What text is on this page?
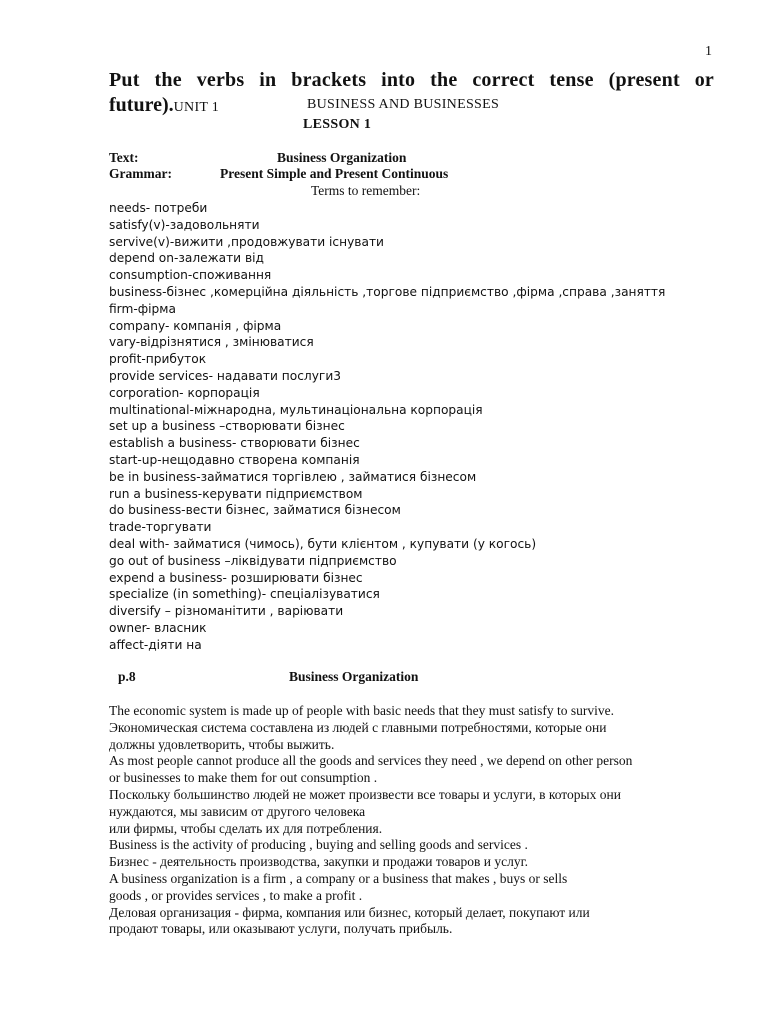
1
Put the verbs in brackets into the correct tense (present or
future).UNIT 1	BUSINESS AND BUSINESSES
LESSON 1
Text:	Business Organization
Grammar:	Present Simple and Present Continuous
Terms to remember:
needs- потреби
satisfy(v)-задовольняти
servive(v)-вижити ,продовжувати існувати
depend on-залежати від
consumption-споживання
business-бізнес ,комерційна діяльність ,торгове підприємство ,фірма ,справа ,заняття
firm-фірма
company- компанія , фірма
vary-відрізнятися , змінюватися
profit-прибуток
provide services- надавати послуги3
corporation- корпорація
multinational-міжнародна, мультинаціональна корпорація
set up a business –створювати бізнес
establish a business- створювати бізнес
start-up-нещодавно створена компанія
be in business-займатися торгівлею , займатися бізнесом
run a business-керувати підприємством
do business-вести бізнес, займатися бізнесом
trade-торгувати
deal with- займатися (чимось), бути клієнтом , купувати (у когось)
go out of business –ліквідувати підприємство
expend a business- розширювати бізнес
specialize (in something)- спеціалізуватися
diversify – різноманітити , варіювати
owner- власник
affect-діяти на
p.8	Business Organization
The economic system is made up of people with basic needs that they must satisfy to survive.
Экономическая система составлена из людей с главными потребностями, которые они
должны удовлетворить, чтобы выжить.
As most people cannot produce all the goods and services they need , we depend on other person
or businesses to make them for out consumption .
Поскольку большинство людей не может произвести все товары и услуги, в которых они
нуждаются, мы зависим от другого человека
или фирмы, чтобы сделать их для потребления.
Business is the activity of producing , buying and selling goods and services .
Бизнес - деятельность производства, закупки и продажи товаров и услуг.
A business organization is a firm , a company or a business that makes , buys or sells
goods , or provides services , to make a profit .
Деловая организация - фирма, компания или бизнес, который делает, покупают или
продают товары, или оказывают услуги, получать прибыль.
